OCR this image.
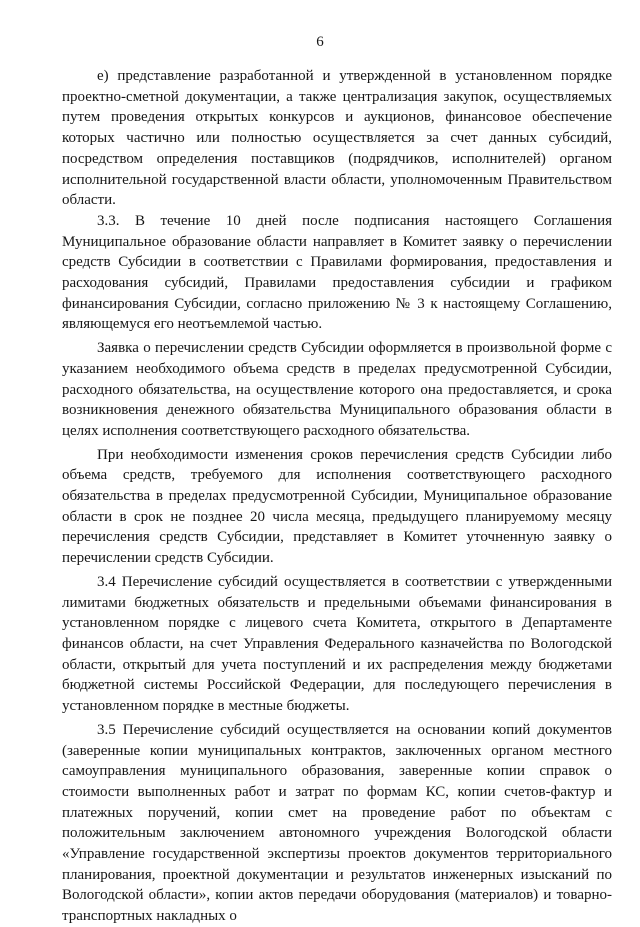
6

е) представление разработанной и утвержденной в установленном порядке проектно-сметной документации, а также централизация закупок, осуществляемых путем проведения открытых конкурсов и аукционов, финансовое обеспечение которых частично или полностью осуществляется за счет данных субсидий, посредством определения поставщиков (подрядчиков, исполнителей) органом исполнительной государственной власти области, уполномоченным Правительством области.

3.3. В течение 10 дней после подписания настоящего Соглашения Муниципальное образование области направляет в Комитет заявку о перечислении средств Субсидии в соответствии с Правилами формирования, предоставления и расходования субсидий, Правилами предоставления субсидии и графиком финансирования Субсидии, согласно приложению № 3 к настоящему Соглашению, являющемуся его неотъемлемой частью.

Заявка о перечислении средств Субсидии оформляется в произвольной форме с указанием необходимого объема средств в пределах предусмотренной Субсидии, расходного обязательства, на осуществление которого она предоставляется, и срока возникновения денежного обязательства Муниципального образования области в целях исполнения соответствующего расходного обязательства.

При необходимости изменения сроков перечисления средств Субсидии либо объема средств, требуемого для исполнения соответствующего расходного обязательства в пределах предусмотренной Субсидии, Муниципальное образование области в срок не позднее 20 числа месяца, предыдущего планируемому месяцу перечисления средств Субсидии, представляет в Комитет уточненную заявку о перечислении средств Субсидии.

3.4 Перечисление субсидий осуществляется в соответствии с утвержденными лимитами бюджетных обязательств и предельными объемами финансирования в установленном порядке с лицевого счета Комитета, открытого в Департаменте финансов области, на счет Управления Федерального казначейства по Вологодской области, открытый для учета поступлений и их распределения между бюджетами бюджетной системы Российской Федерации, для последующего перечисления в установленном порядке в местные бюджеты.

3.5 Перечисление субсидий осуществляется на основании копий документов (заверенные копии муниципальных контрактов, заключенных органом местного самоуправления муниципального образования, заверенные копии справок о стоимости выполненных работ и затрат по формам КС, копии счетов-фактур и платежных поручений, копии смет на проведение работ по объектам с положительным заключением автономного учреждения Вологодской области «Управление государственной экспертизы проектов документов территориального планирования, проектной документации и результатов инженерных изысканий по Вологодской области», копии актов передачи оборудования (материалов) и товарно-транспортных накладных о
